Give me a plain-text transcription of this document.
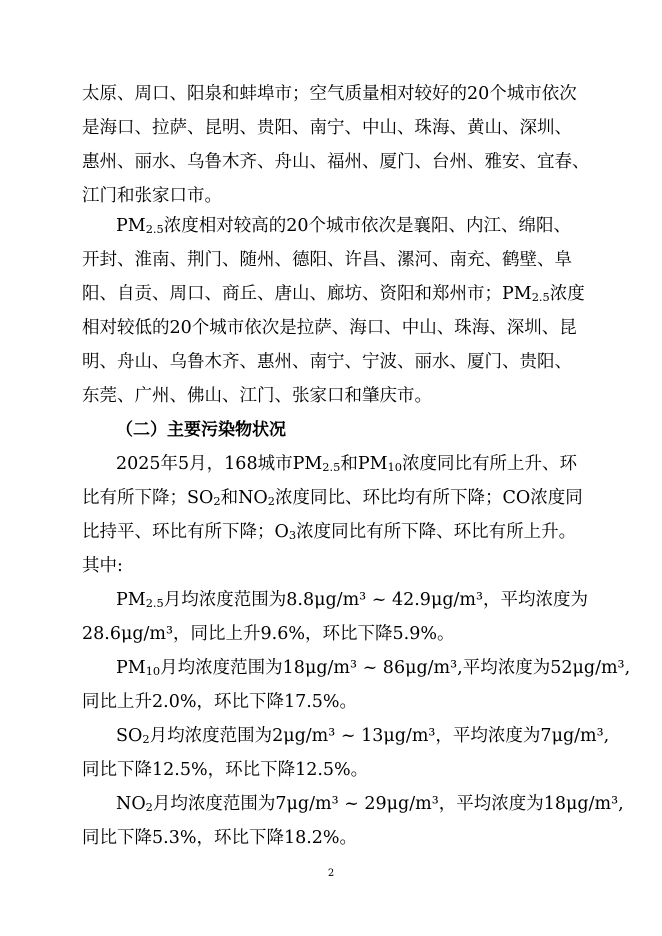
太原、周口、阳泉和蚌埠市；空气质量相对较好的20个城市依次
是海口、拉萨、昆明、贵阳、南宁、中山、珠海、黄山、深圳、
惠州、丽水、乌鲁木齐、舟山、福州、厦门、台州、雅安、宜春、
江门和张家口市。
$PM_{2.5}$浓度相对较高的20个城市依次是襄阳、内江、绵阳、
开封、淮南、荆门、随州、德阳、许昌、漯河、南充、鹤壁、阜
阳、自贡、周口、商丘、唐山、廊坊、资阳和郑州市；$PM_{2.5}$浓度
相对较低的20个城市依次是拉萨、海口、中山、珠海、深圳、昆
明、舟山、乌鲁木齐、惠州、南宁、宁波、丽水、厦门、贵阳、
东莞、广州、佛山、江门、张家口和肇庆市。
（二）主要污染物状况
2025年5月，168城市$PM_{2.5}$和$PM_{10}$浓度同比有所上升、环
比有所下降；$SO_2$和$NO_2$浓度同比、环比均有所下降；CO浓度同
比持平、环比有所下降；$O_3$浓度同比有所下降、环比有所上升。
其中:
$PM_{2.5}$月均浓度范围为8.8μg/m³ ~ 42.9μg/m³，平均浓度为
28.6μg/m³，同比上升9.6%，环比下降5.9%。
$PM_{10}$月均浓度范围为18μg/m³ ~ 86μg/m³,平均浓度为52μg/m³,
同比上升2.0%，环比下降17.5%。
$SO_2$月均浓度范围为2μg/m³ ~ 13μg/m³，平均浓度为7μg/m³,
同比下降12.5%，环比下降12.5%。
$NO_2$月均浓度范围为7μg/m³ ~ 29μg/m³，平均浓度为18μg/m³,
同比下降5.3%，环比下降18.2%。
2
